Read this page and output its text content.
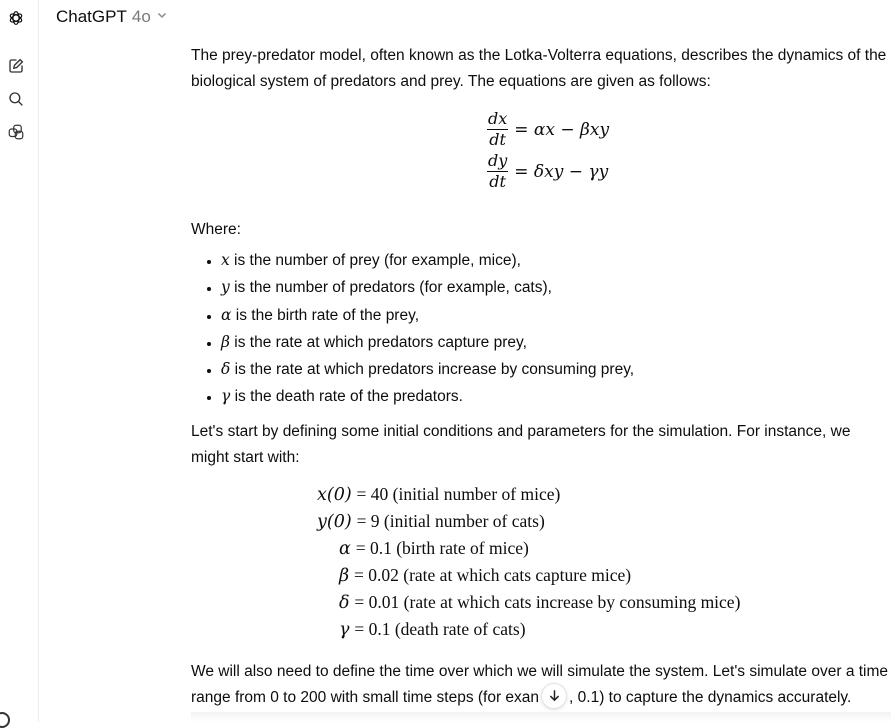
ChatGPT 4o

The prey-predator model, often known as the Lotka-Volterra equations, describes the dynamics of the biological system of predators and prey. The equations are given as follows:

$\frac{dx}{dt} = \alpha x - \beta xy$
$\frac{dy}{dt} = \delta xy - \gamma y$

Where:

• x is the number of prey (for example, mice),
• y is the number of predators (for example, cats),
• α is the birth rate of the prey,
• β is the rate at which predators capture prey,
• δ is the rate at which predators increase by consuming prey,
• γ is the death rate of the predators.

Let's start by defining some initial conditions and parameters for the simulation. For instance, we might start with:

x(0) = 40 (initial number of mice)
y(0) = 9 (initial number of cats)
α = 0.1 (birth rate of mice)
β = 0.02 (rate at which cats capture mice)
δ = 0.01 (rate at which cats increase by consuming mice)
γ = 0.1 (death rate of cats)

We will also need to define the time over which we will simulate the system. Let's simulate over a time
range from 0 to 200 with small time steps (for exan , 0.1) to capture the dynamics accurately.
